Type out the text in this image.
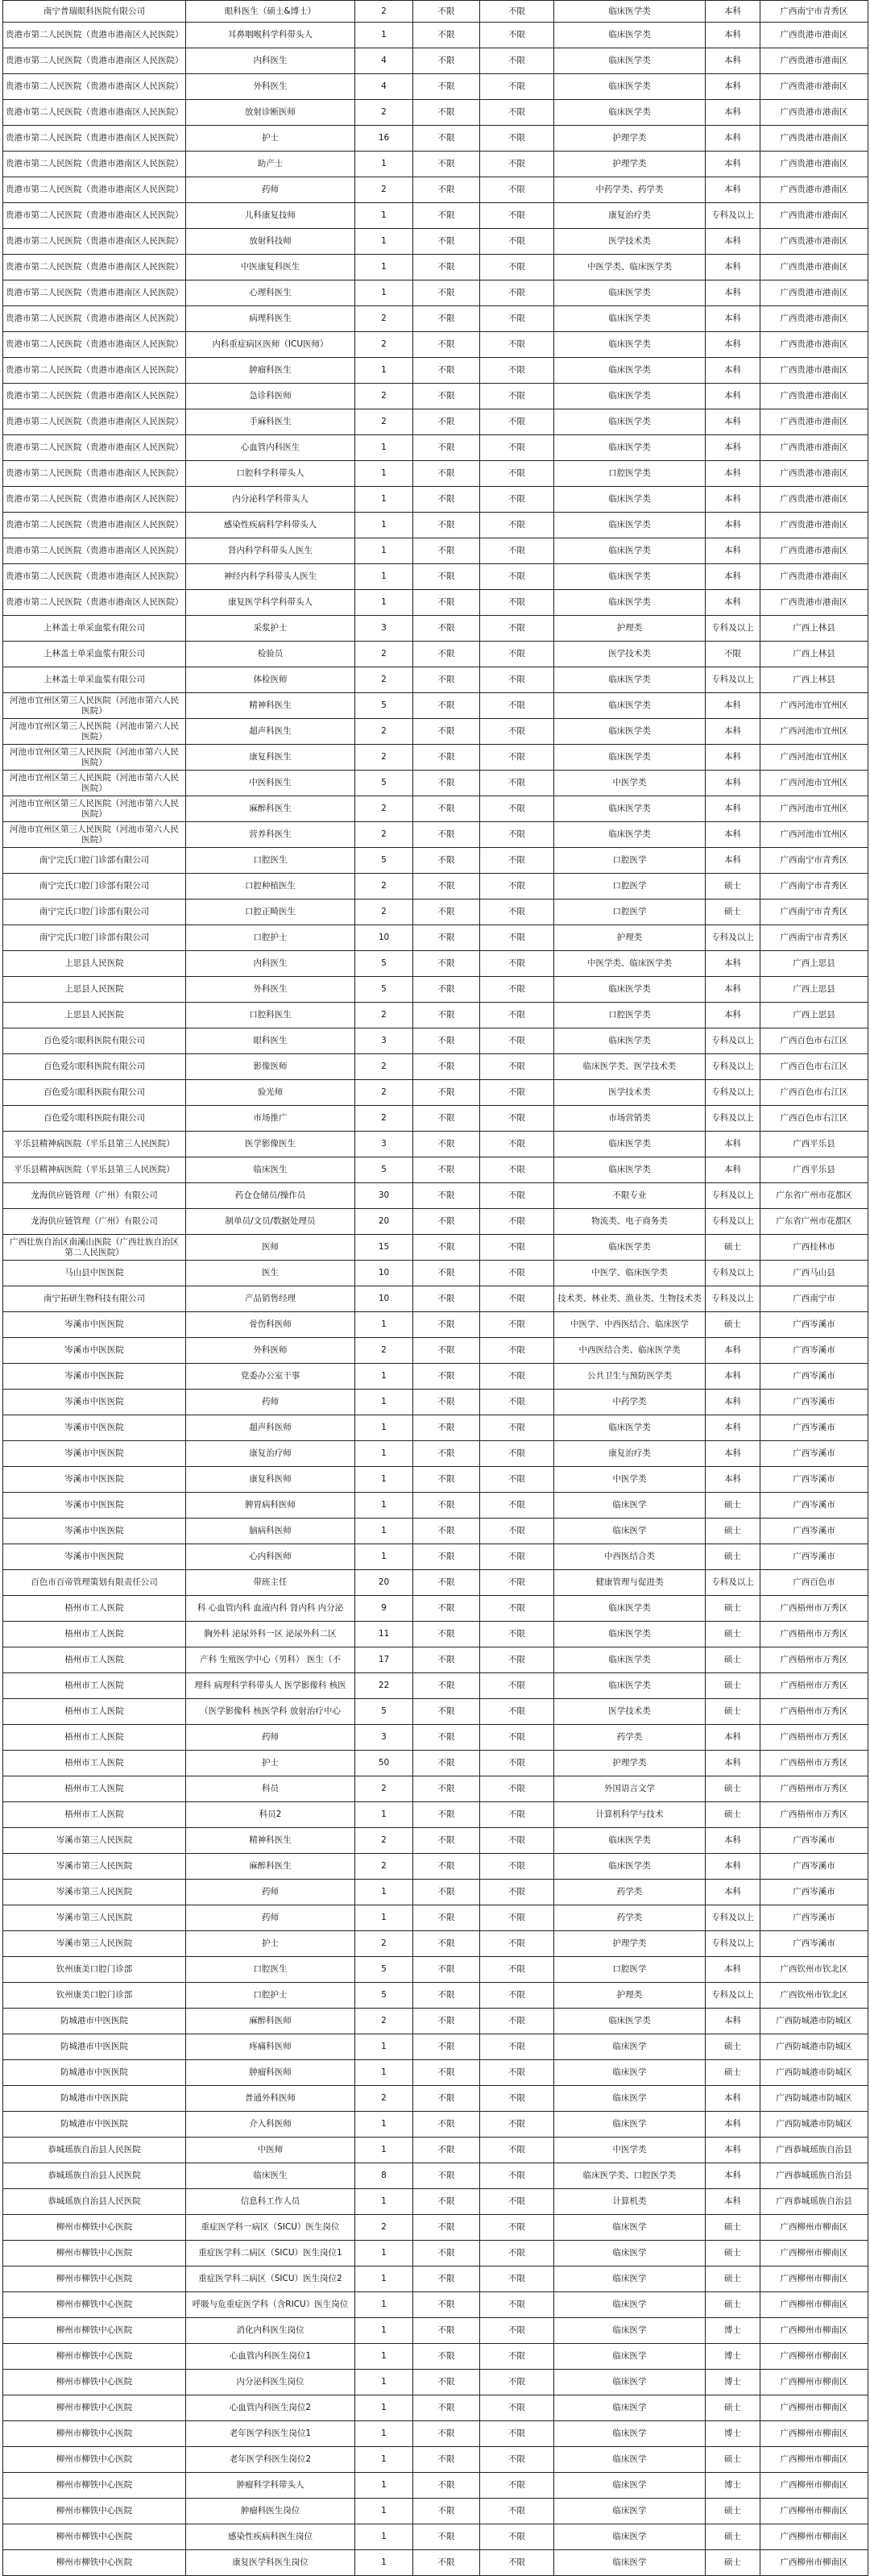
南宁普瑞眼科医院有限公司	眼科医生（硕士&博士）	2	不限	不限	临床医学类	本科	广西南宁市青秀区
贵港市第二人民医院（贵港市港南区人民医院）	耳鼻咽喉科学科带头人	1	不限	不限	临床医学类	本科	广西贵港市港南区
贵港市第二人民医院（贵港市港南区人民医院）	内科医生	4	不限	不限	临床医学类	本科	广西贵港市港南区
贵港市第二人民医院（贵港市港南区人民医院）	外科医生	4	不限	不限	临床医学类	本科	广西贵港市港南区
贵港市第二人民医院（贵港市港南区人民医院）	放射诊断医师	2	不限	不限	临床医学类	本科	广西贵港市港南区
贵港市第二人民医院（贵港市港南区人民医院）	护士	16	不限	不限	护理学类	本科	广西贵港市港南区
贵港市第二人民医院（贵港市港南区人民医院）	助产士	1	不限	不限	护理学类	本科	广西贵港市港南区
贵港市第二人民医院（贵港市港南区人民医院）	药师	2	不限	不限	中药学类、药学类	本科	广西贵港市港南区
贵港市第二人民医院（贵港市港南区人民医院）	儿科康复技师	1	不限	不限	康复治疗类	专科及以上	广西贵港市港南区
贵港市第二人民医院（贵港市港南区人民医院）	放射科技师	1	不限	不限	医学技术类	本科	广西贵港市港南区
贵港市第二人民医院（贵港市港南区人民医院）	中医康复科医生	1	不限	不限	中医学类、临床医学类	本科	广西贵港市港南区
贵港市第二人民医院（贵港市港南区人民医院）	心理科医生	1	不限	不限	临床医学类	本科	广西贵港市港南区
贵港市第二人民医院（贵港市港南区人民医院）	病理科医生	2	不限	不限	临床医学类	本科	广西贵港市港南区
贵港市第二人民医院（贵港市港南区人民医院）	内科重症病区医师（ICU医师）	2	不限	不限	临床医学类	本科	广西贵港市港南区
贵港市第二人民医院（贵港市港南区人民医院）	肿瘤科医生	1	不限	不限	临床医学类	本科	广西贵港市港南区
贵港市第二人民医院（贵港市港南区人民医院）	急诊科医师	2	不限	不限	临床医学类	本科	广西贵港市港南区
贵港市第二人民医院（贵港市港南区人民医院）	手麻科医生	2	不限	不限	临床医学类	本科	广西贵港市港南区
贵港市第二人民医院（贵港市港南区人民医院）	心血管内科医生	1	不限	不限	临床医学类	本科	广西贵港市港南区
贵港市第二人民医院（贵港市港南区人民医院）	口腔科学科带头人	1	不限	不限	口腔医学类	本科	广西贵港市港南区
贵港市第二人民医院（贵港市港南区人民医院）	内分泌科学科带头人	1	不限	不限	临床医学类	本科	广西贵港市港南区
贵港市第二人民医院（贵港市港南区人民医院）	感染性疾病科学科带头人	1	不限	不限	临床医学类	本科	广西贵港市港南区
贵港市第二人民医院（贵港市港南区人民医院）	肾内科学科带头人医生	1	不限	不限	临床医学类	本科	广西贵港市港南区
贵港市第二人民医院（贵港市港南区人民医院）	神经内科学科带头人医生	1	不限	不限	临床医学类	本科	广西贵港市港南区
贵港市第二人民医院（贵港市港南区人民医院）	康复医学科学科带头人	1	不限	不限	临床医学类	本科	广西贵港市港南区
上林盖士单采血浆有限公司	采浆护士	3	不限	不限	护理类	专科及以上	广西上林县
上林盖士单采血浆有限公司	检验员	2	不限	不限	医学技术类	不限	广西上林县
上林盖士单采血浆有限公司	体检医师	2	不限	不限	临床医学类	专科及以上	广西上林县
河池市宜州区第三人民医院（河池市第六人民医院）	精神科医生	5	不限	不限	临床医学类	本科	广西河池市宜州区
河池市宜州区第三人民医院（河池市第六人民医院）	超声科医生	2	不限	不限	临床医学类	本科	广西河池市宜州区
河池市宜州区第三人民医院（河池市第六人民医院）	康复科医生	2	不限	不限	临床医学类	本科	广西河池市宜州区
河池市宜州区第三人民医院（河池市第六人民医院）	中医科医生	5	不限	不限	中医学类	本科	广西河池市宜州区
河池市宜州区第三人民医院（河池市第六人民医院）	麻醉科医生	2	不限	不限	临床医学类	本科	广西河池市宜州区
河池市宜州区第三人民医院（河池市第六人民医院）	营养科医生	2	不限	不限	临床医学类	本科	广西河池市宜州区
南宁完氏口腔门诊部有限公司	口腔医生	5	不限	不限	口腔医学	本科	广西南宁市青秀区
南宁完氏口腔门诊部有限公司	口腔种植医生	2	不限	不限	口腔医学	硕士	广西南宁市青秀区
南宁完氏口腔门诊部有限公司	口腔正畸医生	2	不限	不限	口腔医学	硕士	广西南宁市青秀区
南宁完氏口腔门诊部有限公司	口腔护士	10	不限	不限	护理类	专科及以上	广西南宁市青秀区
上思县人民医院	内科医生	5	不限	不限	中医学类、临床医学类	本科	广西上思县
上思县人民医院	外科医生	5	不限	不限	临床医学类	本科	广西上思县
上思县人民医院	口腔科医生	2	不限	不限	口腔医学类	本科	广西上思县
百色爱尔眼科医院有限公司	眼科医生	3	不限	不限	临床医学类	专科及以上	广西百色市右江区
百色爱尔眼科医院有限公司	影像医师	2	不限	不限	临床医学类、医学技术类	专科及以上	广西百色市右江区
百色爱尔眼科医院有限公司	验光师	2	不限	不限	医学技术类	专科及以上	广西百色市右江区
百色爱尔眼科医院有限公司	市场推广	2	不限	不限	市场营销类	专科及以上	广西百色市右江区
平乐县精神病医院（平乐县第三人民医院）	医学影像医生	3	不限	不限	临床医学类	本科	广西平乐县
平乐县精神病医院（平乐县第三人民医院）	临床医生	5	不限	不限	临床医学类	本科	广西平乐县
龙海供应链管理（广州）有限公司	药仓仓储员/操作员	30	不限	不限	不限专业	专科及以上	广东省广州市花都区
龙海供应链管理（广州）有限公司	制单员/文员/数据处理员	20	不限	不限	物流类、电子商务类	专科及以上	广东省广州市花都区
广西壮族自治区南溪山医院（广西壮族自治区第二人民医院）	医师	15	不限	不限	临床医学类	硕士	广西桂林市
马山县中医医院	医生	10	不限	不限	中医学、临床医学类	专科及以上	广西马山县
南宁拓研生物科技有限公司	产品销售经理	10	不限	不限	技术类、林业类、渔业类、生物技术类	专科及以上	广西南宁市
岑溪市中医医院	骨伤科医师	1	不限	不限	中医学、中西医结合、临床医学	硕士	广西岑溪市
岑溪市中医医院	外科医师	2	不限	不限	中西医结合类、临床医学类	本科	广西岑溪市
岑溪市中医医院	党委办公室干事	1	不限	不限	公共卫生与预防医学类	本科	广西岑溪市
岑溪市中医医院	药师	1	不限	不限	中药学类	本科	广西岑溪市
岑溪市中医医院	超声科医师	1	不限	不限	临床医学类	本科	广西岑溪市
岑溪市中医医院	康复治疗师	1	不限	不限	康复治疗类	本科	广西岑溪市
岑溪市中医医院	康复科医师	1	不限	不限	中医学类	本科	广西岑溪市
岑溪市中医医院	脾胃病科医师	1	不限	不限	临床医学	硕士	广西岑溪市
岑溪市中医医院	脑病科医师	1	不限	不限	临床医学	硕士	广西岑溪市
岑溪市中医医院	心内科医师	1	不限	不限	中西医结合类	硕士	广西岑溪市
百色市百帝管理策划有限责任公司	带班主任	20	不限	不限	健康管理与促进类	专科及以上	广西百色市
梧州市工人医院	科 心血管内科 血液内科 肾内科 内分泌	9	不限	不限	临床医学类	硕士	广西梧州市万秀区
梧州市工人医院	胸外科 泌尿外科一区 泌尿外科二区	11	不限	不限	临床医学类	硕士	广西梧州市万秀区
梧州市工人医院	产科 生殖医学中心（男科） 医生（不	17	不限	不限	临床医学类	硕士	广西梧州市万秀区
梧州市工人医院	理科 病理科学科带头人 医学影像科 核医	22	不限	不限	临床医学类	硕士	广西梧州市万秀区
梧州市工人医院	（医学影像科 核医学科 放射治疗中心	5	不限	不限	医学技术类	硕士	广西梧州市万秀区
梧州市工人医院	药师	3	不限	不限	药学类	本科	广西梧州市万秀区
梧州市工人医院	护士	50	不限	不限	护理学类	本科	广西梧州市万秀区
梧州市工人医院	科员	2	不限	不限	外国语言文学	硕士	广西梧州市万秀区
梧州市工人医院	科员2	1	不限	不限	计算机科学与技术	硕士	广西梧州市万秀区
岑溪市第三人民医院	精神科医生	2	不限	不限	临床医学类	本科	广西岑溪市
岑溪市第三人民医院	麻醉科医生	2	不限	不限	临床医学类	本科	广西岑溪市
岑溪市第三人民医院	药师	1	不限	不限	药学类	本科	广西岑溪市
岑溪市第三人民医院	药师	1	不限	不限	药学类	专科及以上	广西岑溪市
岑溪市第三人民医院	护士	2	不限	不限	护理学类	专科及以上	广西岑溪市
钦州康美口腔门诊部	口腔医生	5	不限	不限	口腔医学	本科	广西钦州市钦北区
钦州康美口腔门诊部	口腔护士	5	不限	不限	护理类	专科及以上	广西钦州市钦北区
防城港市中医医院	麻醉科医师	2	不限	不限	临床医学类	本科	广西防城港市防城区
防城港市中医医院	疼痛科医师	1	不限	不限	临床医学	硕士	广西防城港市防城区
防城港市中医医院	肿瘤科医师	1	不限	不限	临床医学	硕士	广西防城港市防城区
防城港市中医医院	普通外科医师	2	不限	不限	临床医学	本科	广西防城港市防城区
防城港市中医医院	介入科医师	1	不限	不限	临床医学	本科	广西防城港市防城区
恭城瑶族自治县人民医院	中医师	1	不限	不限	中医学类	本科	广西恭城瑶族自治县
恭城瑶族自治县人民医院	临床医生	8	不限	不限	临床医学类、口腔医学类	本科	广西恭城瑶族自治县
恭城瑶族自治县人民医院	信息科工作人员	1	不限	不限	计算机类	本科	广西恭城瑶族自治县
柳州市柳铁中心医院	重症医学科一病区（SICU）医生岗位	2	不限	不限	临床医学	硕士	广西柳州市柳南区
柳州市柳铁中心医院	重症医学科二病区（SICU）医生岗位1	1	不限	不限	临床医学	硕士	广西柳州市柳南区
柳州市柳铁中心医院	重症医学科二病区（SICU）医生岗位2	1	不限	不限	临床医学	硕士	广西柳州市柳南区
柳州市柳铁中心医院	呼吸与危重症医学科（含RICU）医生岗位	1	不限	不限	临床医学	硕士	广西柳州市柳南区
柳州市柳铁中心医院	消化内科医生岗位	1	不限	不限	临床医学	博士	广西柳州市柳南区
柳州市柳铁中心医院	心血管内科医生岗位1	1	不限	不限	临床医学	博士	广西柳州市柳南区
柳州市柳铁中心医院	内分泌科医生岗位	1	不限	不限	临床医学	博士	广西柳州市柳南区
柳州市柳铁中心医院	心血管内科医生岗位2	1	不限	不限	临床医学	硕士	广西柳州市柳南区
柳州市柳铁中心医院	老年医学科医生岗位1	1	不限	不限	临床医学	博士	广西柳州市柳南区
柳州市柳铁中心医院	老年医学科医生岗位2	1	不限	不限	临床医学	硕士	广西柳州市柳南区
柳州市柳铁中心医院	肿瘤科学科带头人	1	不限	不限	临床医学	博士	广西柳州市柳南区
柳州市柳铁中心医院	肿瘤科医生岗位	1	不限	不限	临床医学	硕士	广西柳州市柳南区
柳州市柳铁中心医院	感染性疾病科医生岗位	1	不限	不限	临床医学	硕士	广西柳州市柳南区
柳州市柳铁中心医院	康复医学科医生岗位	1	不限	不限	临床医学	硕士	广西柳州市柳南区
